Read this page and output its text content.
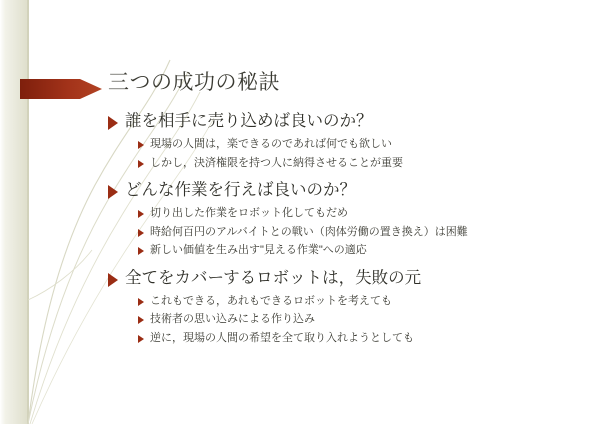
三つの成功の秘訣
誰を相手に売り込めば良いのか？
現場の人間は，楽できるのであれば何でも欲しい
しかし，決済権限を持つ人に納得させることが重要
どんな作業を行えば良いのか？
切り出した作業をロボット化してもだめ
時給何百円のアルバイトとの戦い（肉体労働の置き換え）は困難
新しい価値を生み出す"見える作業"への適応
全てをカバーするロボットは，失敗の元
これもできる，あれもできるロボットを考えても
技術者の思い込みによる作り込み
逆に，現場の人間の希望を全て取り入れようとしても
